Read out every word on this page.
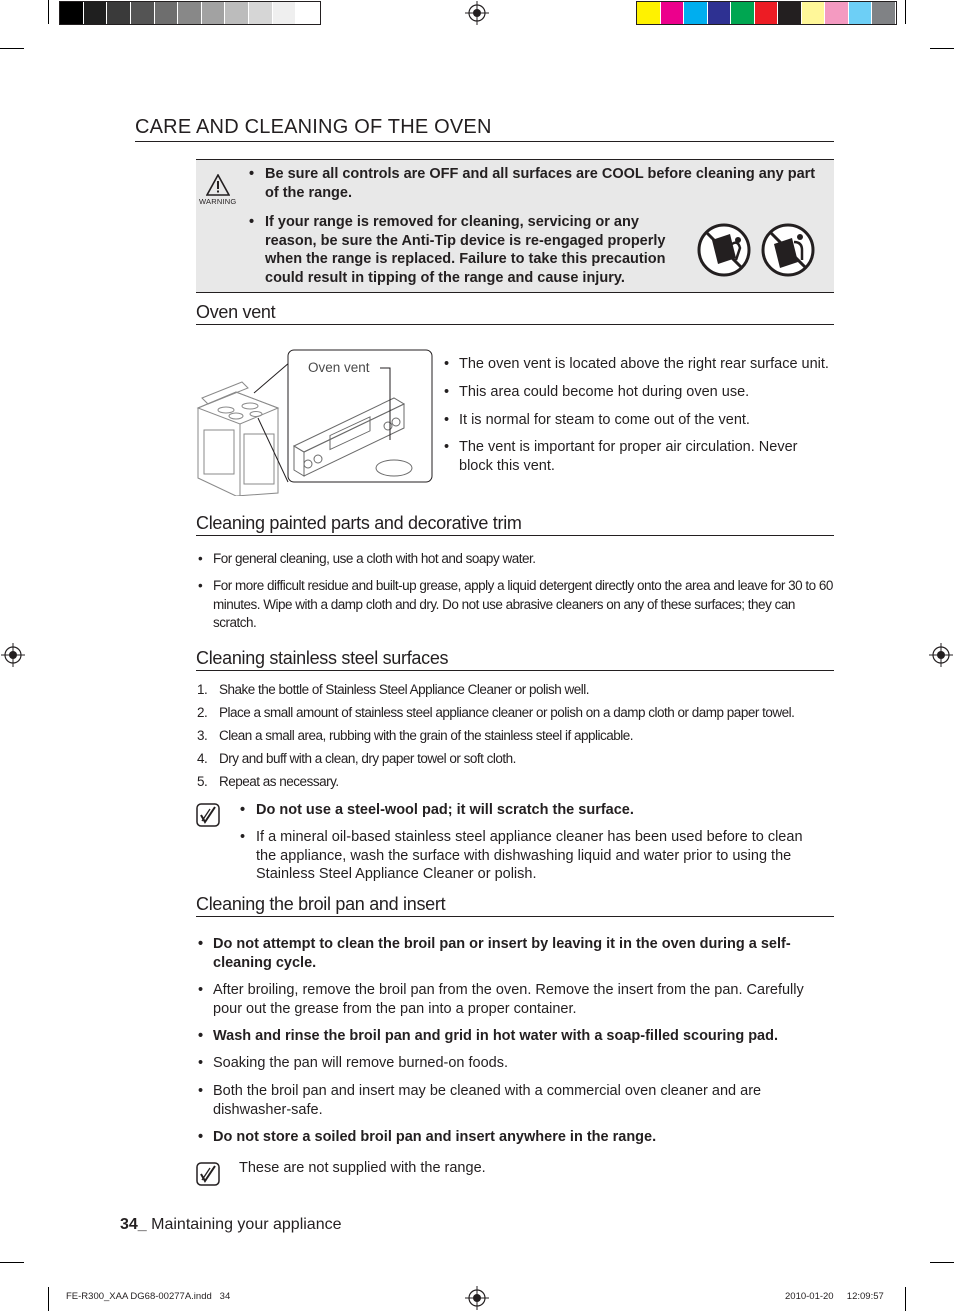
CARE AND CLEANING OF THE OVEN
WARNING
• Be sure all controls are OFF and all surfaces are COOL before cleaning any part of the range.
• If your range is removed for cleaning, servicing or any reason, be sure the Anti-Tip device is re-engaged properly when the range is replaced. Failure to take this precaution could result in tipping of the range and cause injury.
Oven vent
Oven vent	• The oven vent is located above the right rear surface unit.
• This area could become hot during oven use.
• It is normal for steam to come out of the vent.
• The vent is important for proper air circulation. Never block this vent.
Cleaning painted parts and decorative trim
• For general cleaning, use a cloth with hot and soapy water.
• For more difficult residue and built-up grease, apply a liquid detergent directly onto the area and leave for 30 to 60 minutes. Wipe with a damp cloth and dry. Do not use abrasive cleaners on any of these surfaces; they can scratch.
Cleaning stainless steel surfaces
1. Shake the bottle of Stainless Steel Appliance Cleaner or polish well.
2. Place a small amount of stainless steel appliance cleaner or polish on a damp cloth or damp paper towel.
3. Clean a small area, rubbing with the grain of the stainless steel if applicable.
4. Dry and buff with a clean, dry paper towel or soft cloth.
5. Repeat as necessary.
• Do not use a steel-wool pad; it will scratch the surface.
• If a mineral oil-based stainless steel appliance cleaner has been used before to clean the appliance, wash the surface with dishwashing liquid and water prior to using the Stainless Steel Appliance Cleaner or polish.
Cleaning the broil pan and insert
• Do not attempt to clean the broil pan or insert by leaving it in the oven during a self-cleaning cycle.
• After broiling, remove the broil pan from the oven. Remove the insert from the pan. Carefully pour out the grease from the pan into a proper container.
• Wash and rinse the broil pan and grid in hot water with a soap-filled scouring pad.
• Soaking the pan will remove burned-on foods.
• Both the broil pan and insert may be cleaned with a commercial oven cleaner and are dishwasher-safe.
• Do not store a soiled broil pan and insert anywhere in the range.
These are not supplied with the range.
34_ Maintaining your appliance
FE-R300_XAA DG68-00277A.indd   34	2010-01-20     12:09:57
